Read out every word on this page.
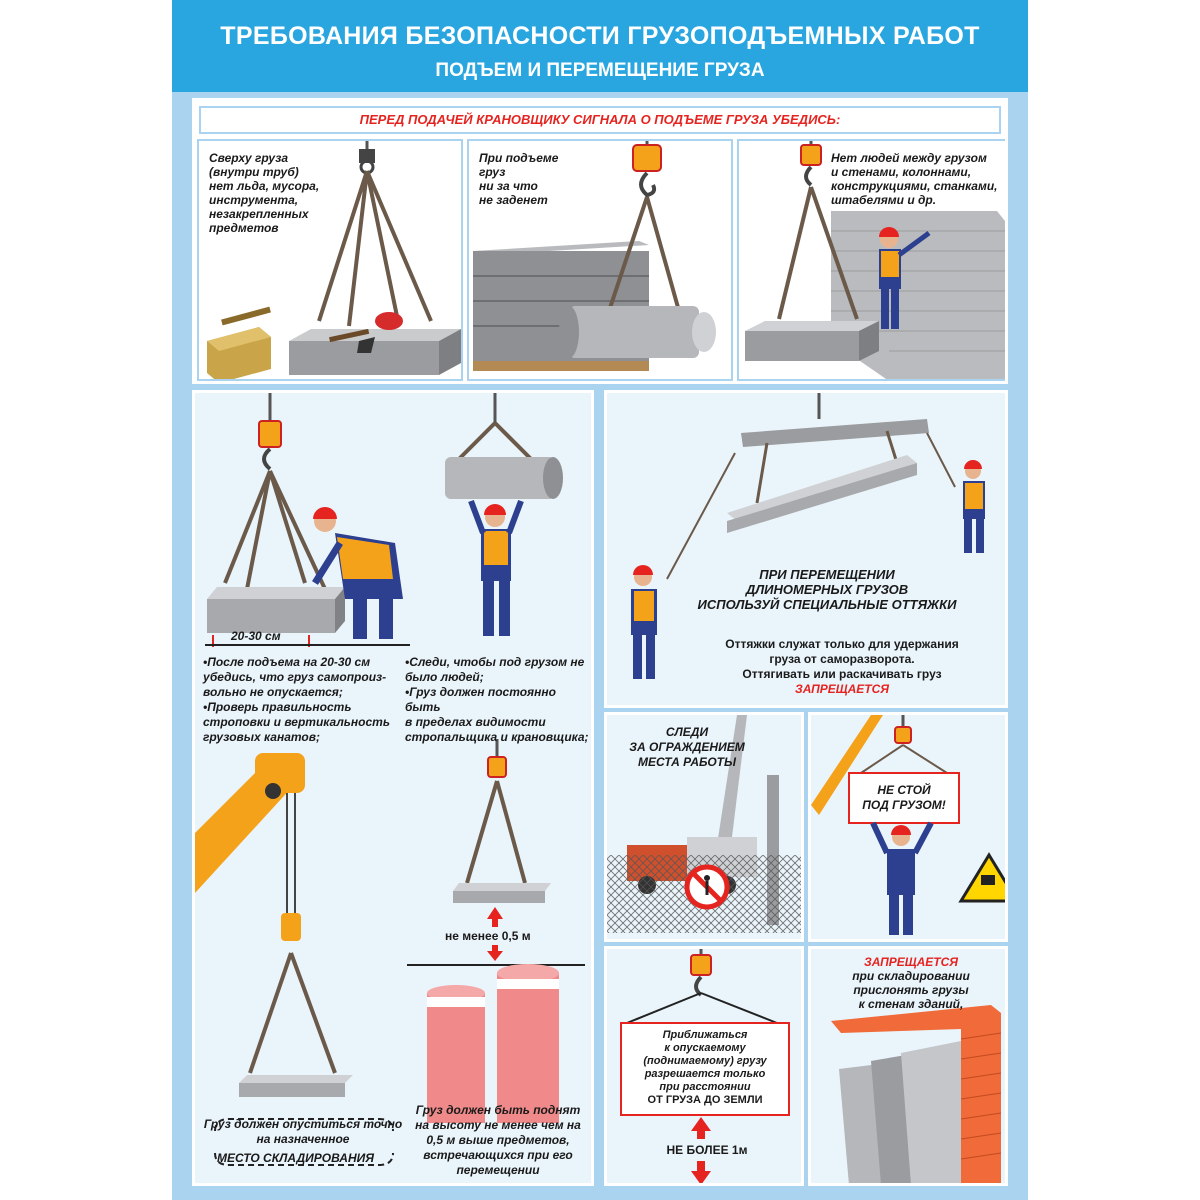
ТРЕБОВАНИЯ БЕЗОПАСНОСТИ ГРУЗОПОДЪЕМНЫХ РАБОТ
ПОДЪЕМ И ПЕРЕМЕЩЕНИЕ ГРУЗА
ПЕРЕД ПОДАЧЕЙ КРАНОВЩИКУ СИГНАЛА О ПОДЪЕМЕ ГРУЗА УБЕДИСЬ:
Сверху груза
(внутри труб)
нет льда, мусора,
инструмента,
незакрепленных
предметов
При подъеме
груз
ни за что
не заденет
Нет людей между грузом
и стенами, колоннами,
конструкциями, станками,
штабелями и др.
20-30 см
•После подъема на 20-30 см
убедись, что груз самопроиз-
вольно не опускается;
•Проверь правильность
строповки и вертикальность
грузовых канатов;
•Следи, чтобы под грузом не
было людей;
•Груз должен постоянно быть
в пределах видимости
стропальщика и крановщика;
не менее 0,5 м
Груз должен опуститься точно
на назначенное
МЕСТО СКЛАДИРОВАНИЯ
Груз должен быть поднят
на высоту не менее чем на
0,5 м выше предметов,
встречающихся при его
перемещении
ПРИ ПЕРЕМЕЩЕНИИ
ДЛИНОМЕРНЫХ ГРУЗОВ
ИСПОЛЬЗУЙ СПЕЦИАЛЬНЫЕ ОТТЯЖКИ
Оттяжки служат только для удержания
груза от саморазворота.
Оттягивать или раскачивать груз
ЗАПРЕЩАЕТСЯ
СЛЕДИ
ЗА ОГРАЖДЕНИЕМ
МЕСТА РАБОТЫ
НЕ СТОЙ
ПОД ГРУЗОМ!
Приближаться
к опускаемому
(поднимаемому) грузу
разрешается только
при расстоянии
ОТ ГРУЗА ДО ЗЕМЛИ
НЕ БОЛЕЕ 1м
ЗАПРЕЩАЕТСЯ
при складировании
прислонять грузы
к стенам зданий,
